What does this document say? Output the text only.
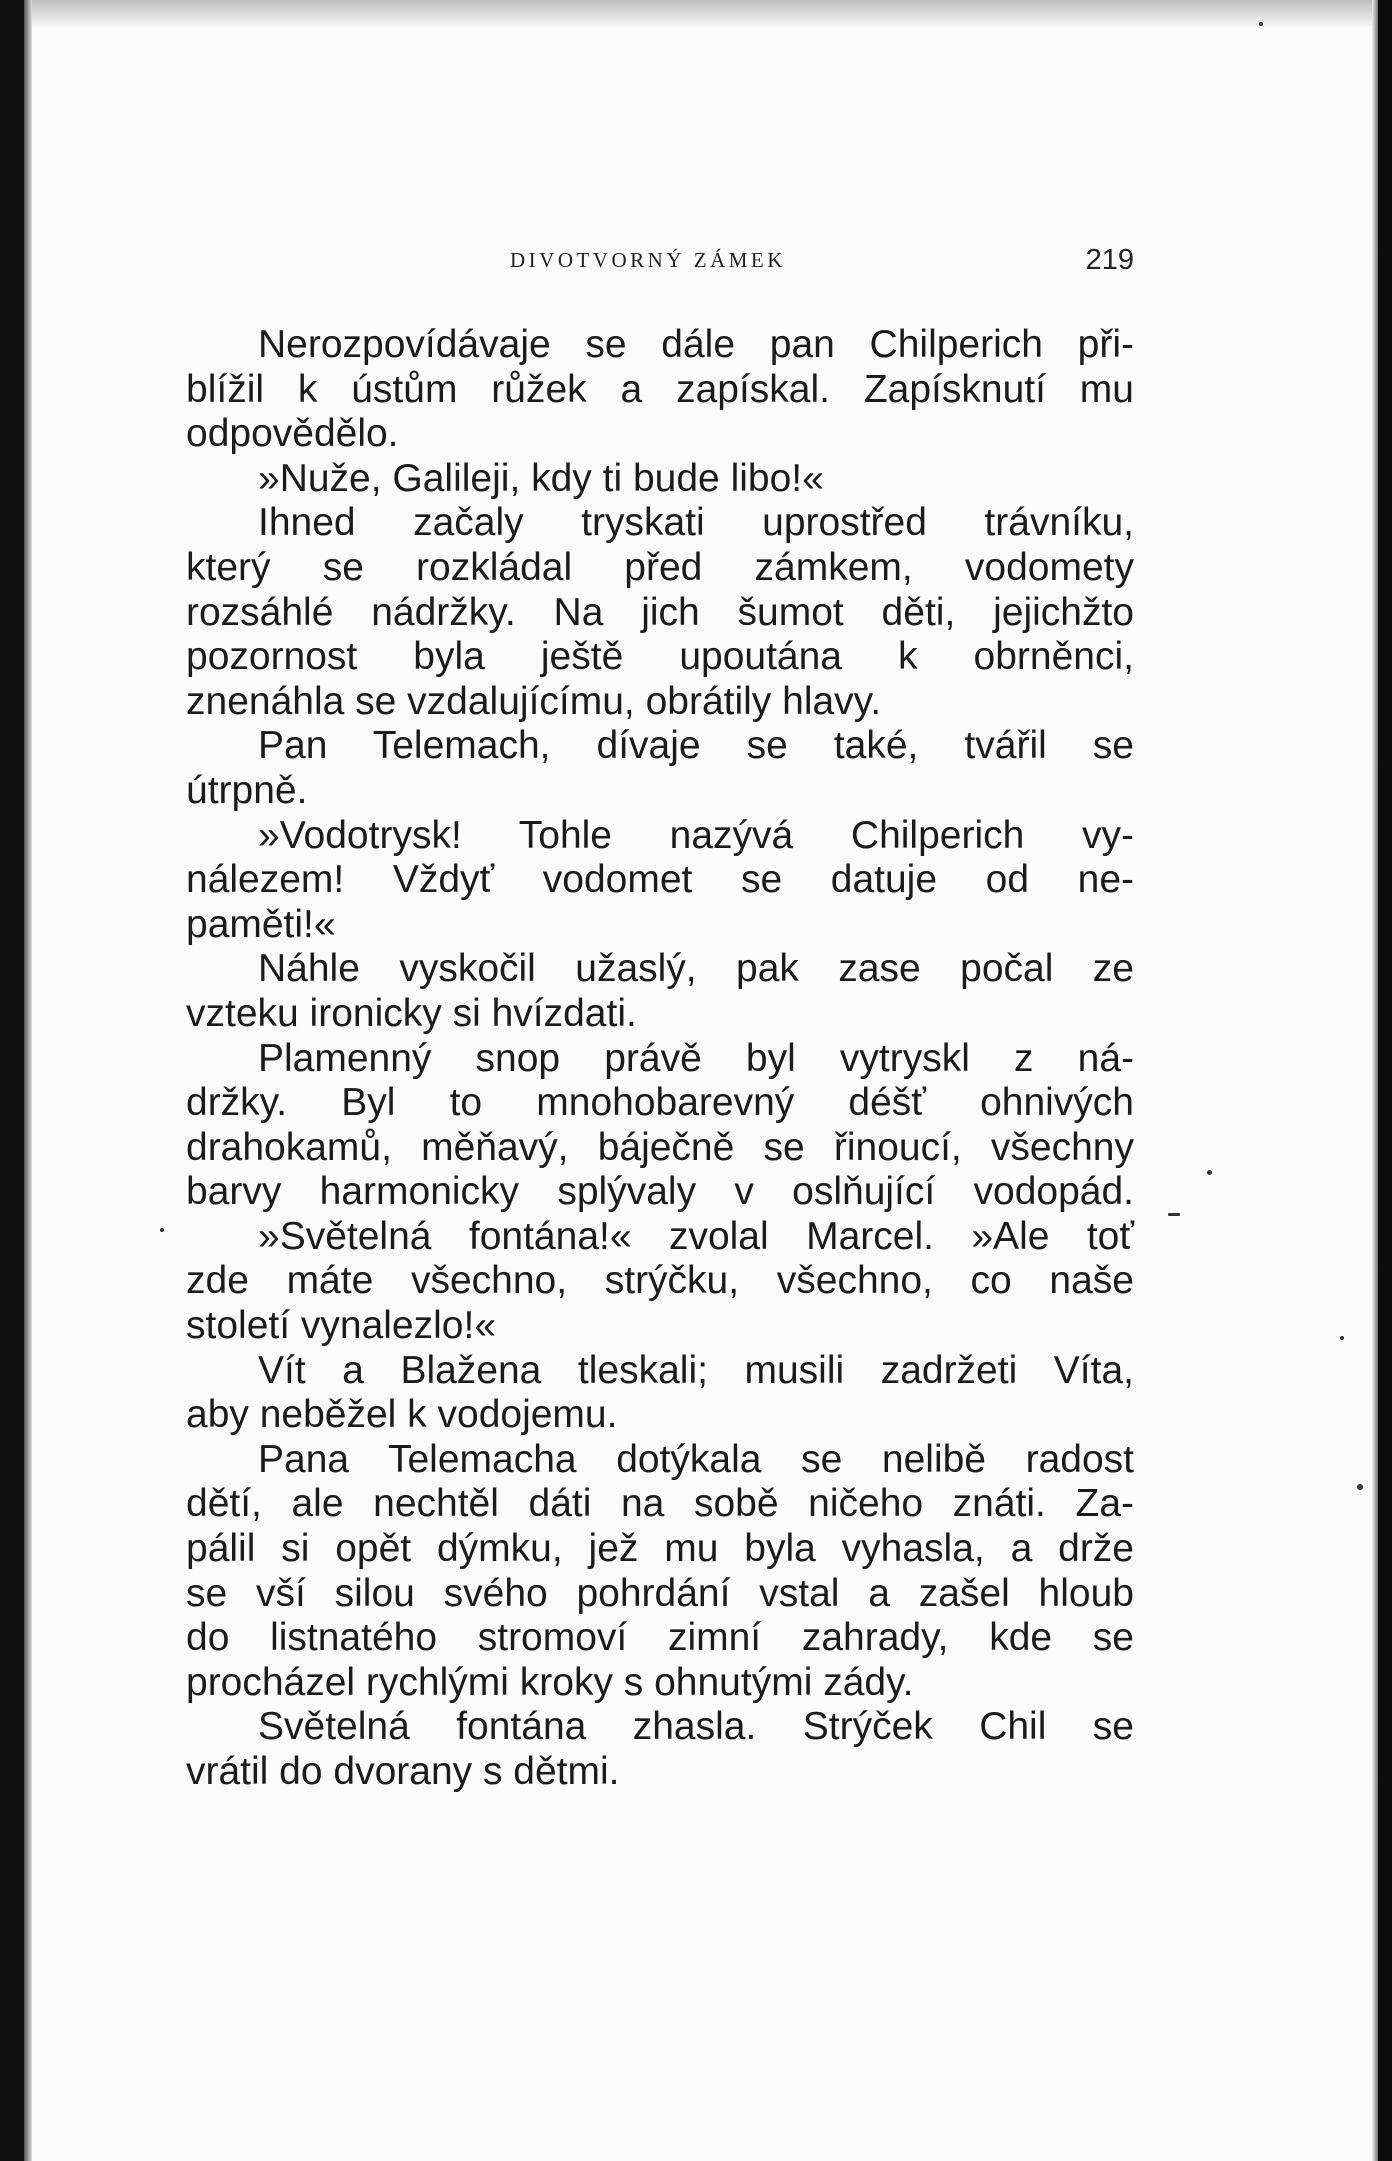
DIVOTVORNÝ ZÁMEK	219
Nerozpovídávaje se dále pan Chilperich při-
blížil k ústům růžek a zapískal. Zapísknutí mu
odpovědělo.
»Nuže, Galileji, kdy ti bude libo!«
Ihned začaly tryskati uprostřed trávníku,
který se rozkládal před zámkem, vodomety
rozsáhlé nádržky. Na jich šumot děti, jejichžto
pozornost byla ještě upoutána k obrněnci,
znenáhla se vzdalujícímu, obrátily hlavy.
Pan Telemach, dívaje se také, tvářil se
útrpně.
»Vodotrysk! Tohle nazývá Chilperich vy-
nálezem! Vždyť vodomet se datuje od ne-
paměti!«
Náhle vyskočil užaslý, pak zase počal ze
vzteku ironicky si hvízdati.
Plamenný snop právě byl vytryskl z ná-
držky. Byl to mnohobarevný déšť ohnivých
drahokamů, měňavý, báječně se řinoucí, všechny
barvy harmonicky splývaly v oslňující vodopád.
»Světelná fontána!« zvolal Marcel. »Ale toť
zde máte všechno, strýčku, všechno, co naše
století vynalezlo!«
Vít a Blažena tleskali; musili zadržeti Víta,
aby neběžel k vodojemu.
Pana Telemacha dotýkala se nelibě radost
dětí, ale nechtěl dáti na sobě ničeho znáti. Za-
pálil si opět dýmku, jež mu byla vyhasla, a drže
se vší silou svého pohrdání vstal a zašel hloub
do listnatého stromoví zimní zahrady, kde se
procházel rychlými kroky s ohnutými zády.
Světelná fontána zhasla. Strýček Chil se
vrátil do dvorany s dětmi.
